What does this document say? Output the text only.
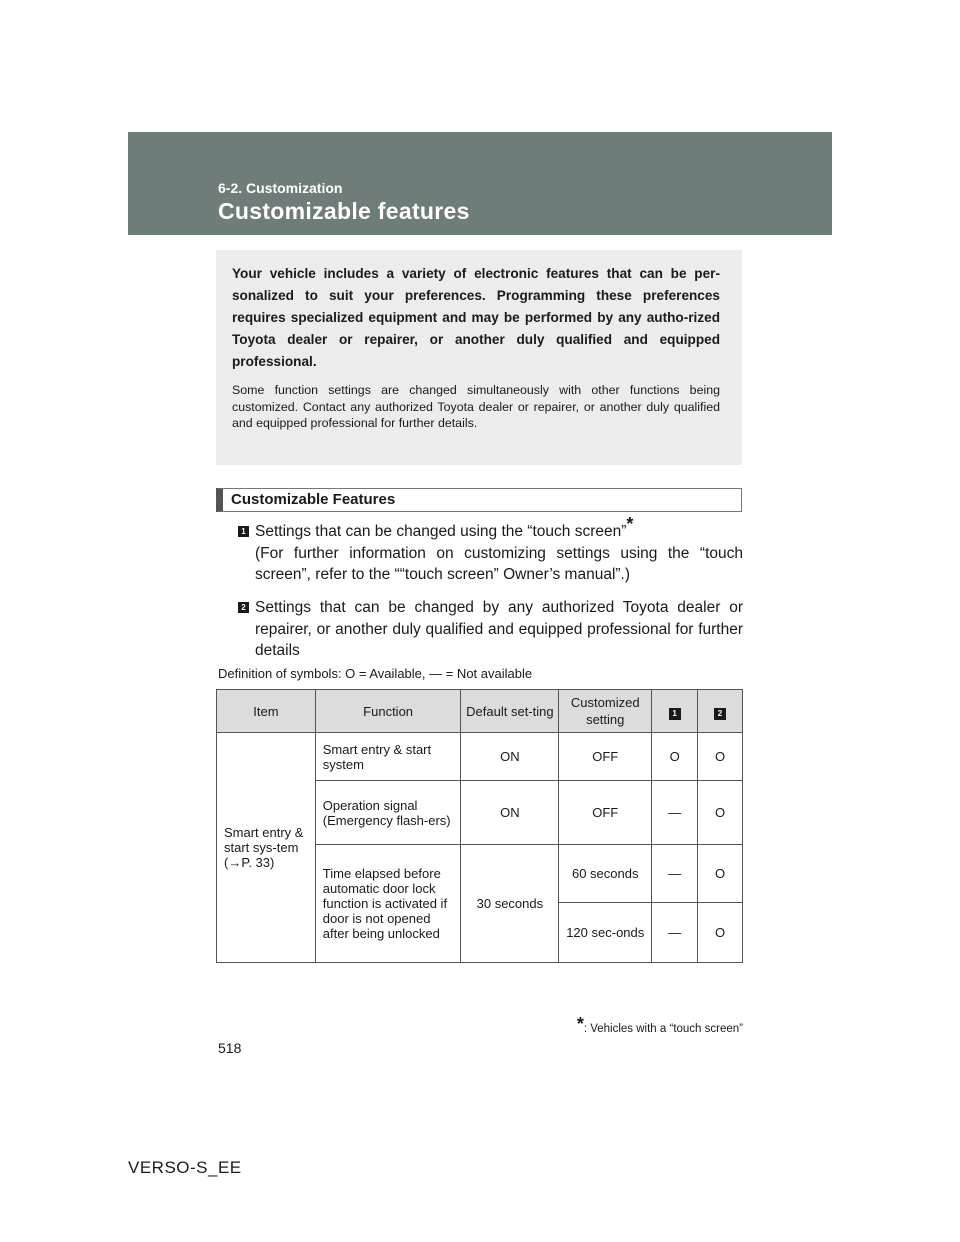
6-2. Customization
Customizable features

Your vehicle includes a variety of electronic features that can be per-sonalized to suit your preferences. Programming these preferences requires specialized equipment and may be performed by any autho-rized Toyota dealer or repairer, or another duly qualified and equipped professional.

Some function settings are changed simultaneously with other functions being customized. Contact any authorized Toyota dealer or repairer, or another duly qualified and equipped professional for further details.

Customizable Features
1 Settings that can be changed using the “touch screen”*
(For further information on customizing settings using the “touch screen”, refer to the ““touch screen” Owner’s manual”.)

2 Settings that can be changed by any authorized Toyota dealer or repairer, or another duly qualified and equipped professional for further details

Definition of symbols: O = Available, — = Not available
Item	Function	Default set-ting	Customized setting	1	2
Smart entry & start sys-tem (→P. 33)	Smart entry & start system	ON	OFF	O	O
	Operation signal (Emergency flash-ers)	ON	OFF	—	O
	Time elapsed before automatic door lock function is activated if door is not opened after being unlocked	30 seconds	60 seconds	—	O
			120 sec-onds	—	O
*: Vehicles with a “touch screen”
518
VERSO-S_EE
